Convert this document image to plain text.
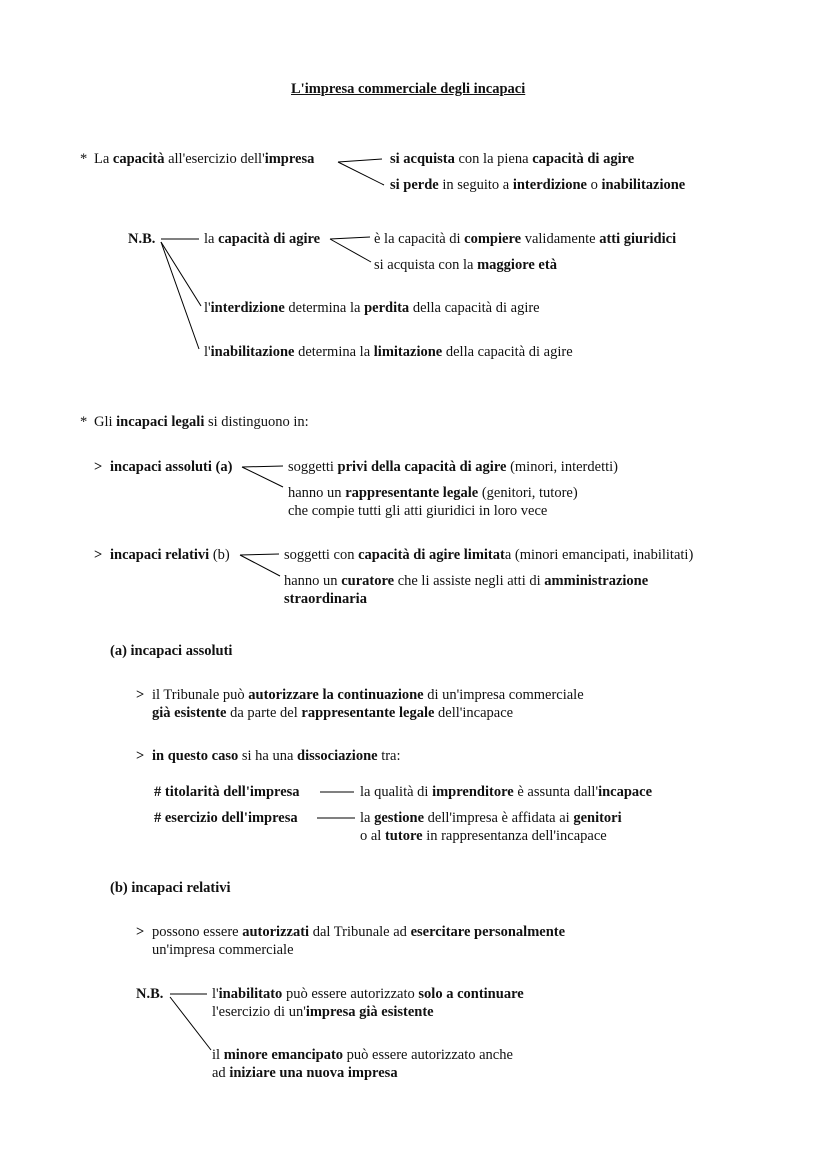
L'impresa commerciale degli incapaci
* La capacità all'esercizio dell'impresa	si acquista con la piena capacità di agire
si perde in seguito a interdizione o inabilitazione
N.B.	la capacità di agire	è la capacità di compiere validamente atti giuridici
si acquista con la maggiore età
l'interdizione determina la perdita della capacità di agire
l'inabilitazione determina la limitazione della capacità di agire
* Gli incapaci legali si distinguono in:
> incapaci assoluti (a)	soggetti privi della capacità di agire (minori, interdetti)
hanno un rappresentante legale (genitori, tutore)
che compie tutti gli atti giuridici in loro vece
> incapaci relativi (b)	soggetti con capacità di agire limitata (minori emancipati, inabilitati)
hanno un curatore che li assiste negli atti di amministrazione
straordinaria
(a) incapaci assoluti
> il Tribunale può autorizzare la continuazione di un'impresa commerciale
già esistente da parte del rappresentante legale dell'incapace
> in questo caso si ha una dissociazione tra:
# titolarità dell'impresa	la qualità di imprenditore è assunta dall'incapace
# esercizio dell'impresa	la gestione dell'impresa è affidata ai genitori
o al tutore in rappresentanza dell'incapace
(b) incapaci relativi
> possono essere autorizzati dal Tribunale ad esercitare personalmente
un'impresa commerciale
N.B.	l'inabilitato può essere autorizzato solo a continuare
l'esercizio di un'impresa già esistente
il minore emancipato può essere autorizzato anche
ad iniziare una nuova impresa
